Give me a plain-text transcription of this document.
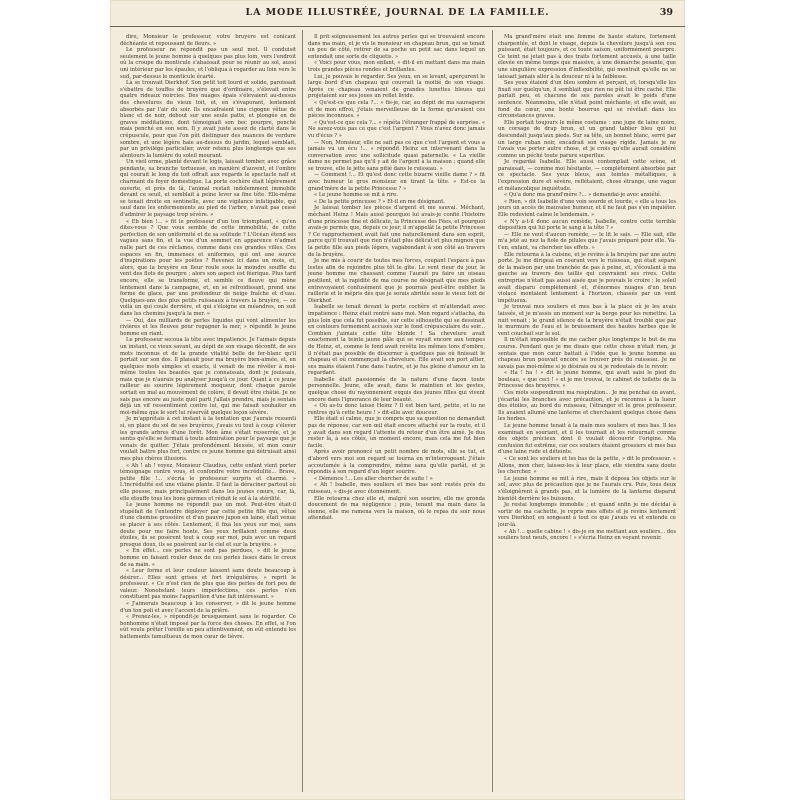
LA MODE ILLUSTRÉE, JOURNAL DE LA FAMILLE.	39

dire, Monsieur le professeur, votre bruyère est conicant déchéante et repoussant de fleurs. »

Le professeur ne répondit pas un seul mot. Il conduisit seulement le jeune homme à quelques pas plus loin, vers l'endroit où la croupe du monticule s'abaissait pour se réunir au sol, aussi uni intérieur par les épaules, et l'obliqua à regarder au loin vers le sud, par-dessus le monticule écarté.

Là se trouvait Dierkhof. Son petit toit lourd et solide, paroissait s'ébattre de touffes de bruyère que d'ordinaire, s'élevait entre quatre rideaux noircies. Des nuages épais s'élevaient au-dessus des chevelures du vieux toit, et, en s'évaporant, lentement absorbés par l'air du soir. Ils encadraient une cigogne vêtue de blanc et de noir, debout sur une seule patte, et plongée en de graves méditations, dont témoignait son bec pourpre, penché mais penché en son sein. Il y avait juste assez de clarté dans le crépuscule, pour que l'on pût distinguer des nuances de verdure sombre, et une légère haie au-dessus du jardin, lequel semblait, par un privilège particulier, avoir retenu plus longtemps que ses alentours la lumière du soleil mourant.

Un vieil orme, planté devant le logis, laissait tomber, avec grâce pendante, sa branche tortueuse, en manière d'auvent, et l'ombre qui courait le long du toit offrait aux regards le spectacle naïf et charmant du foyer domestique. La porte cochère était légèrement ouverte, et près de là, l'animal restait indolemment immobile devant ce seuil, et semblait à peine lever sa fine tête. Elle-même se tenait droite en sentinelle, avec une vigilance infatigable, qui sauf dans les enfermements au pied de l'arbre, n'avait pas cessé d'admirer le paysage trop sévère. »

« Eh bien !... » fit le professeur d'un ton triomphant, « qu'en dites-vous ? Que vous semble de cette immobilité, de cette perfection de son uniformité et de sa solitude ? L'Océan étend ses vagues sans fin, et la vue d'un sommet en apparence n'admet nulle part de ces réclames, comme dans ces grandes villes. Ces espaces en fin, immenses et uniformes, qui ont une source d'inspirations pour les poètes ? Revenez ici dans un mois, et, alors, que la bruyère en fleur roule sous la moindre souffle du vent des flots de pourpre ; alors son aspect est féerique. Plus tard encore, elle se transforme, et semble ce fleuve qui mène lentement dans la campagne, et, en se refroidissant, prend une forme de glace, par une profondeur de neige fraîche et d'eau. Quelques-uns des plus petits ruisseaux à travers la bruyère, — ce voilà un qui coule derrière, et qui s'éloigne en méandres, on suit dans les chemins jusqu'à la mer. »

— Oui, des milliards de perles liquides qui vont alimenter les rivières et les fleuves pour regagner la mer, » répondit le jeune homme en riant.

Le professeur secoua la tête avec impatience. Je l'aimais depuis un instant, ce vieux savant, au dépit de son visage déconfit, de ses mots inconnus et de la grande vitalité belle de fer-blanc qu'il portait sur son dos. Il plaisait pour ma bruyère bien-aimée, et, en quelques mots simples et exacts, il venait de me révéler à moi-même toutes les beautés que je connaissais, dont je jouissais, mais que je n'aurais pu analyser jusqu'à ce jour. Quant à ce jeune railleur au sourire légèrement moqueur, dont chaque parole sortait en mal au mouvement de colère, il devait être châtié. Je ne sais pas encore au juste quel parti j'allais prendre, mais je sentais déjà un vif ressentiment contre lui, qui me faisait souhaiter en moi-même que le sort lui réservât quelque leçon sévère.

Je m'apprêtais à cet instant à la tentation que j'aurais ressenti si, en place du sol de ses bruyères, j'avais vu tout à coup s'élever les grands arbres d'une forêt. Mon âme s'était resserrée, et je sentis qu'elle se fermait à toute admiration pour le paysage que je venais de quitter. J'étais profondément blessée, et mon cœur voulait battre plus fort, contre ce jeune homme qui détruisait ainsi mes plus chères illusions.

« Ah ! ah ! voyez, Monsieur Claudius, cette enfant vient porter témoignage contre vous, et confondre votre incrédulité... Brave, petite fille !... s'écria le professeur surpris et charmé. » L'incrédulité est une vilaine plante. Il faut la déraciner partout où elle pousse, mais principalement dans les jeunes cœurs, car, là, elle étouffe tous les bons germes et réduit le sol à la stérilité.

Le jeune homme ne répondit pas un mot. Peut-être était-il stupéfait de l'entendre déployer par cette petite fille qui, vêtue d'une chemise grossière et d'un pauvre jupon en laine, était venue se placer à ses côtés. Lentement, il fixa les yeux sur moi, sans doute pour me faire honte. Ses yeux brillaient comme deux étoiles, ils se posèrent tout à coup sur moi, puis avec un regard presque doux, ils se posèrent sur le ciel et sur la bruyère. »

« En effet... ces perles ne sont pas perdues, » dit le jeune homme en faisant rouler deux de ces perles lisses dans le creux de sa main. »

« Leur forme et leur couleur laissent sans doute beaucoup à désirer... Elles sont grises et fort irrégulières, » reprit le professeur. « Ce n'est rien de plus que des perles de fort peu de valeur. Nonobstant leurs imperfections, ces perles n'en constituent pas moins l'apparition d'une fait intéressant. »

« J'aimerais beaucoup à les conserver, » dit le jeune homme d'un ton poli et avec l'accent de la prière.

« Prenez-les, » répondit-je brusquement sans le regarder. Ce bonhomme n'était imposé par la force des choses. En effet, si l'on eût voulu prêter l'oreille en peu attentivement, on eût entendu les battements tumultueux de mon cœur de lièvre.

Il prit soigneusement les autres perles qui se trouvaient encore dans ma main, et je vis le monsieur en chapeau brun, qui se tenait un peu de côté, retirer de sa poche un petit sac dans lequel on entendait une sorte de cliquetis. »

« Voici pour vous, mon enfant, » dit-il en mettant dans ma main trois grandes pièces rondes et brillantes.

Lui, je pouvais le regarder. Ses yeux, en se levant, aperçurent le large bord d'un chapeau qui couvrait la moitié de son visage. Après ce chapeau venaient de grandes lunettes bleues qui projetaient sur ses joues un reflet livide.

« Qu'est-ce que cela ?... » fis-je, car, au dépit de ma sauvagerie et de mon effroi, j'étais merveilleuse de la forme qu'avaient ces pièces inconnues. »

« Qu'est-ce que cela ?... » répéta l'étranger frappé de surprise. « Ne savez-vous pas ce que c'est l'argent ? Vous n'avez donc jamais vu d'écus ? »

— Non, Monsieur, elle ne sait pas ce que c'est l'argent et vous a jamais vu un écu !... » répondit Heinz en intervenant dans la conversation avec une sollicitude quasi paternelle. « La vieille dame ne permet pas qu'il y ait de l'argent à la maison ; quand elle se trouve, elle le jette sans pitié dans le ruisseau. »

— Comment !... Et qu'est donc cette bizarre vieille dame ? » fit avec humeur le gros monsieur en tirant la tête. « Est-ce la grand'mère de la petite Princesse ? »

« Le jeune homme se mit à rire.

« De la petite princesse ? » Et-il en me désignant.

Je laissai tomber les pièces d'argent et me sauvai. Méchant, méchant Heinz ! Mais aussi pourquoi lui avais-je confié l'histoire d'une princesse fine et délicate, la Princesse des Fées, et pourquoi avais-je permis que, depuis ce jour, il m'appelât la petite Princesse ? Ce rapprochement avait fait une naturellement dans son esprit, parce qu'il trouvait que rien n'était plus délicat et plus mignon que la petite fille aux pieds légers, vagabondant à son côté au travers de la bruyère.

Je me mis à courir de toutes mes forces, coupant l'espace à pas lestes afin de rejoindre plus tôt le gîte. Le vent rieur du jour, le jeune homme me chassant comme l'aurait pu faire un oiseau pestilent, et la rapidité de ma course ne désignait que mes pieds entrevoyaient confusément que je pourrais peut-être oublier la raillerie et le mépris dès que je serais abritée sous le vieux toit de Dierkhof.

Isabelle se tenait devant la porte cochère et m'attendait avec impatience : Heinz était rentré sans moi. Mon regard s'attacha, du plus loin que cela fut possible, sur cette silhouette qui se dessinait en contours fermement accusés sur le fond crépusculaire du soir... Combien j'aimais cette tête blonde ! Sa chevelure avait exactement la teinte jaune pâle qui se voyait encore aux tempes de Heinz, et, comme le fond avait revêtu les mêmes tons d'ombre, il n'était pas possible de discerner à quelques pas où finissait le chapeau et où commençait la chevelure. Elle avait son port altier, ses mains étaient l'une dans l'autre, et je fus pleine d'amour en la regardant.

Isabelle était passionnée de la nature d'une façon toute personnelle. Jeune, elle avait, dans le maintien et les gestes, quelque chose du rayonnement exquis des jeunes filles qui vivent encore dans l'ignorance de leur beauté.

« Où as-tu donc laissé Heinz ? Il est bien tard, petite, et tu ne rentres qu'à cette heure ! » dit-elle avec douceur.

Elle était si calme, que je compris que sa question ne demandait pas de réponse, car son œil était encore attaché sur la route, et il y avait dans son regard l'attente du retour d'un être aimé. Je dus rester là, à ses côtés, un moment encore, mais cela me fut bien facile.

Après avoir prononcé un petit nombre de mots, elle se tut, et d'abord vers moi son regard se tourna en m'interrogeant. J'étais accoutumée à la comprendre, même sans qu'elle parlât, et je répondis à son regard d'un léger sourire.

« Démence !... Les aller chercher de suite ! »

« Ah ! Isabelle, mes souliers et mes bas sont restés près du ruisseau, » dis-je avec étonnement.

Elle retourna chez elle et, malgré son sourire, elle me gronda doucement de ma négligence ; puis, tenant ma main dans la sienne, elle me ramena vers la maison, où le repas du soir nous attendait.

Ma grand'mère était une femme de haute stature, fortement charpentée, et dont le visage, depuis la chevelure jusqu'à son cou puissant, était toujours, et ce toute saison, uniformément pourpre. Ce teint ne jetait pas à des traits fortement accusés, à une taille élevée en même temps que massive, à une démarche pesante, que une singulière expression d'inflexibilité, qui montrait qu'elle ne se laissait jamais aller à la douceur ni à la faiblesse.

Ses yeux étaient d'un bleu sombre et perçant, et, lorsqu'elle les fixait sur quelqu'un, il semblait que rien ne pût lui être caché. Elle parlait peu, et chacune de ses paroles avait le poids d'une sentence. Néanmoins, elle n'était point méchante, et elle avait, au fond du cœur, une bonté bourrue qui se révélait dans les circonstances graves.

Elle portait toujours le même costume : une jupe de laine noire, un corsage de drap brun, et un grand tablier bleu qui lui descendait jusqu'aux pieds. Sur sa tête, un bonnet blanc, serré par un large ruban noir, encadrait son visage rigide. Jamais je ne l'avais vue porter autre chose, et je crois qu'elle aurait considéré comme un péché toute parure superflue.

Je regardai Isabelle. Elle aussi contemplait cette scène, et paraissait, — comme moi hésitante, — complètement absorbée par ce spectacle. Ses yeux bleus, aux teintes métalliques, à l'expression dure et sévère, reflétaient, chose étrange, une vague et mélancolique inquiétude.

« Qu'a donc ma grand'mère ?... » demandai-je avec anxiété.

« Rien, » dit Isabelle d'une voix sourde et lourde, « elle a tous les jours un accès de mauvaise humeur, et il ne faut pas s'en inquiéter. Elle redevient calme le lendemain. »

« N'y a-t-il donc aucun remède, Isabelle, contre cette terrible disposition qui lui porte le sang à la tête ? »

— Elle ne veut d'aucun remède, — le lit le sais. — Elle sait, elle m'a jeté au nez la fiole de pilules que j'avais préparé pour elle. Va-t'en, enfant, va chercher tes effets. »

Elle retourna à la cuisine, et je revins à la bruyère par une autre porte. Je me dirigeai en courant vers le ruisseau, qui était séparé de la maison par une tranchée de pas à peine, et, s'écoulant à ma gauche au travers des taillis qui couvraient ses rives. Cette entreprise n'était pas aussi aisée que je pouvais le croire ; le soleil avait disparu complètement et, d'énormes nuages d'un brun violacé montaient lentement à l'horizon, chassés par un vent impétueux.

Je trouvai mes souliers et mes bas à la place où je les avais laissés, et je m'assis un moment sur la berge pour les remettre. La nuit venait ; le grand silence de la bruyère n'était troublé que par le murmure de l'eau et le bruissement des hautes herbes que le vent couchait sur le sol.

Il m'était impossible de me cacher plus longtemps le but de ma course. Pendant que je me disais que cette chose n'était rien, je sentais que mon cœur battait à l'idée que le jeune homme au chapeau brun pouvait encore se trouver près du ruisseau. Je ne savais pas moi-même si je désirais ou si je redoutais de le revoir.

« Ha ! ha ! » dit le jeune homme, qui avait saisi le pied du bouleau, « que ceci ! » et je me trouvai, le cabinet de toilette de la Princesse des bruyères. »

Ces mots suspendirent ma respiration... Je me penchai en avant, j'écartai les branches avec précaution, et je reconnus à la lueur des étoiles, au bord du ruisseau, l'étranger et le gros professeur. Ils avaient allumé une lanterne et cherchaient quelque chose dans les herbes.

Le jeune homme tenait à la main mes souliers et mes bas. Il les examinait en souriant, et il les tournait et les retournait comme des objets précieux dont il voulait découvrir l'origine. Ma confusion fut extrême, car ces souliers étaient grossiers et mes bas d'une laine rude et déteinte.

« Ce sont les souliers et les bas de la petite, » dit le professeur. « Allons, mon cher, laissez-les à leur place, elle viendra sans doute les chercher. »

Le jeune homme se mit à rire, mais il déposa les objets sur le sol, avec plus de précaution que je ne l'aurais cru. Puis, tous deux s'éloignèrent à grands pas, et la lumière de la lanterne disparut bientôt derrière les buissons.

Je restai longtemps immobile ; et quand enfin je me décidai à sortir de ma cachette, je repris mes effets et je revins lentement vers Dierkhof, en songeant à tout ce que j'avais vu et entendu ce jour-là.

« Ah !... quelle cabine ! » dis-je en me mettant aux souliers... des souliers tout neufs, encore ! » s'écria Heinz en voyant revenir.
